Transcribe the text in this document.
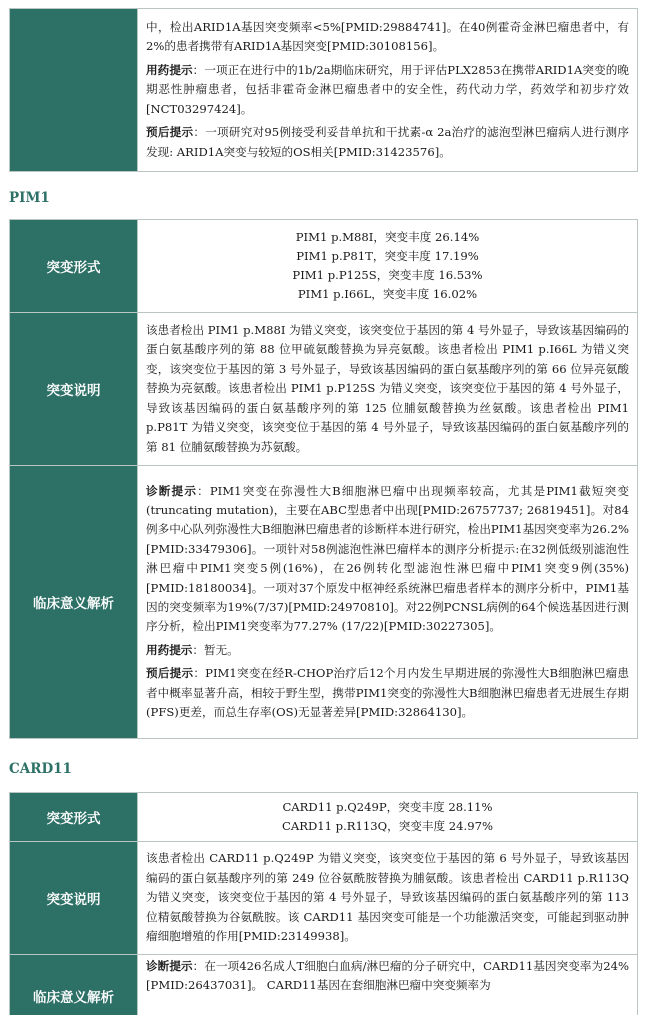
中，检出ARID1A基因突变频率<5%[PMID:29884741]。在40例霍奇金淋巴瘤患者中，有2%的患者携带有ARID1A基因突变[PMID:30108156]。
用药提示：一项正在进行中的1b/2a期临床研究，用于评估PLX2853在携带ARID1A突变的晚期恶性肿瘤患者，包括非霍奇金淋巴瘤患者中的安全性，药代动力学，药效学和初步疗效[NCT03297424]。
预后提示：一项研究对95例接受利妥昔单抗和干扰素-α 2a治疗的滤泡型淋巴瘤病人进行测序发现: ARID1A突变与较短的OS相关[PMID:31423576]。
PIM1
突变形式	PIM1 p.M88I，突变丰度 26.14%
PIM1 p.P81T，突变丰度 17.19%
PIM1 p.P125S，突变丰度 16.53%
PIM1 p.I66L，突变丰度 16.02%

突变说明	该患者检出 PIM1 p.M88I 为错义突变，该突变位于基因的第 4 号外显子，导致该基因编码的蛋白氨基酸序列的第 88 位甲硫氨酸替换为异亮氨酸。该患者检出 PIM1 p.I66L 为错义突变，该突变位于基因的第 3 号外显子，导致该基因编码的蛋白氨基酸序列的第 66 位异亮氨酸替换为亮氨酸。该患者检出 PIM1 p.P125S 为错义突变，该突变位于基因的第 4 号外显子，导致该基因编码的蛋白氨基酸序列的第 125 位脯氨酸替换为丝氨酸。该患者检出 PIM1 p.P81T 为错义突变，该突变位于基因的第 4 号外显子，导致该基因编码的蛋白氨基酸序列的第 81 位脯氨酸替换为苏氨酸。
临床意义解析	诊断提示：PIM1突变在弥漫性大B细胞淋巴瘤中出现频率较高，尤其是PIM1截短突变(truncating mutation)，主要在ABC型患者中出现[PMID:26757737; 26819451]。对84例多中心队列弥漫性大B细胞淋巴瘤患者的诊断样本进行研究，检出PIM1基因突变率为26.2%[PMID:33479306]。一项针对58例滤泡性淋巴瘤样本的测序分析提示:在32例低级别滤泡性淋巴瘤中PIM1突变5例(16%)，在26例转化型滤泡性淋巴瘤中PIM1突变9例(35%)[PMID:18180034]。一项对37个原发中枢神经系统淋巴瘤患者样本的测序分析中，PIM1基因的突变频率为19%(7/37)[PMID:24970810]。对22例PCNSL病例的64个候选基因进行测序分析，检出PIM1突变率为77.27% (17/22)[PMID:30227305]。
用药提示：暂无。
预后提示：PIM1突变在经R-CHOP治疗后12个月内发生早期进展的弥漫性大B细胞淋巴瘤患者中概率显著升高，相较于野生型，携带PIM1突变的弥漫性大B细胞淋巴瘤患者无进展生存期(PFS)更差，而总生存率(OS)无显著差异[PMID:32864130]。
CARD11
突变形式	CARD11 p.Q249P，突变丰度 28.11%
CARD11 p.R113Q，突变丰度 24.97%

突变说明	该患者检出 CARD11 p.Q249P 为错义突变，该突变位于基因的第 6 号外显子，导致该基因编码的蛋白氨基酸序列的第 249 位谷氨酰胺替换为脯氨酸。该患者检出 CARD11 p.R113Q 为错义突变，该突变位于基因的第 4 号外显子，导致该基因编码的蛋白氨基酸序列的第 113 位精氨酸替换为谷氨酰胺。该 CARD11 基因突变可能是一个功能激活突变，可能起到驱动肿瘤细胞增殖的作用[PMID:23149938]。
临床意义解析	诊断提示：在一项426名成人T细胞白血病/淋巴瘤的分子研究中，CARD11基因突变率为24%[PMID:26437031]。 CARD11基因在套细胞淋巴瘤中突变频率为
